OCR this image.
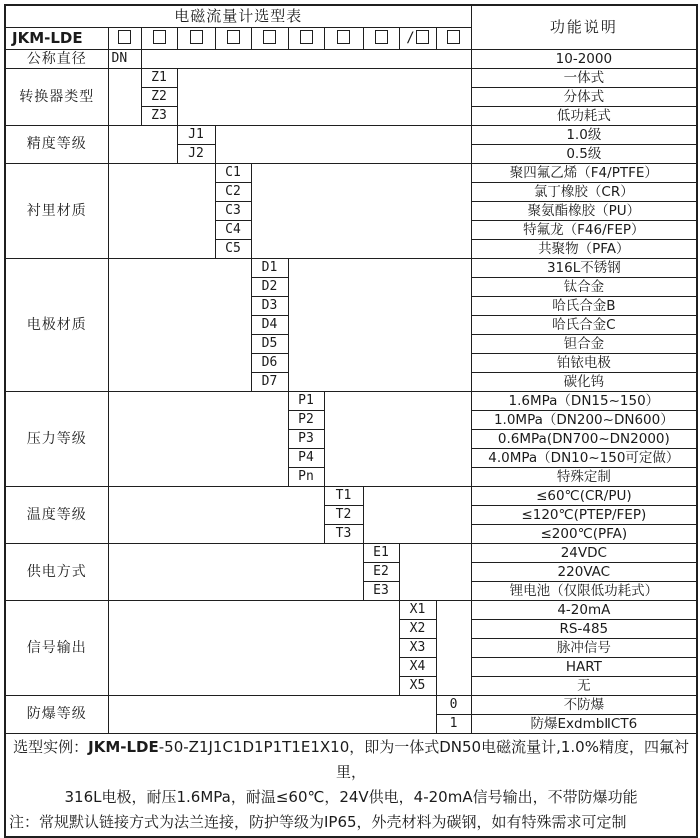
电磁流量计选型表											功能说明
JKM-LDE									/		
公称直径	DN										10-2000
转换器类型		Z1									一体式
		Z2									分体式
		Z3									低功耗式
精度等级			J1								1.0级
			J2								0.5级
衬里材质				C1							聚四氟乙烯（F4/PTFE）
				C2							氯丁橡胶（CR）
				C3							聚氨酯橡胶（PU）
				C4							特氟龙（F46/FEP）
				C5							共聚物（PFA）
电极材质					D1						316L不锈钢
					D2						钛合金
					D3						哈氏合金B
					D4						哈氏合金C
					D5						钽合金
					D6						铂铱电极
					D7						碳化钨
压力等级						P1					1.6MPa（DN15~150）
						P2					1.0MPa（DN200~DN600）
						P3					0.6MPa(DN700~DN2000)
						P4					4.0MPa（DN10~150可定做）
						Pn					特殊定制
温度等级							T1				≤60℃(CR/PU)
							T2				≤120℃(PTEP/FEP)
							T3				≤200℃(PFA)
供电方式								E1			24VDC
								E2			220VAC
								E3			锂电池（仅限低功耗式）
信号输出									X1		4-20mA
									X2		RS-485
									X3		脉冲信号
									X4		HART
									X5		无
防爆等级										0	不防爆
										1	防爆ExdmbⅡCT6

选型实例：JKM-LDE-50-Z1J1C1D1P1T1E1X10，即为一体式DN50电磁流量计,1.0%精度，四氟衬里，
316L电极，耐压1.6MPa，耐温≤60℃，24V供电，4-20mA信号输出，不带防爆功能
注：常规默认链接方式为法兰连接，防护等级为IP65，外壳材料为碳钢，如有特殊需求可定制											
